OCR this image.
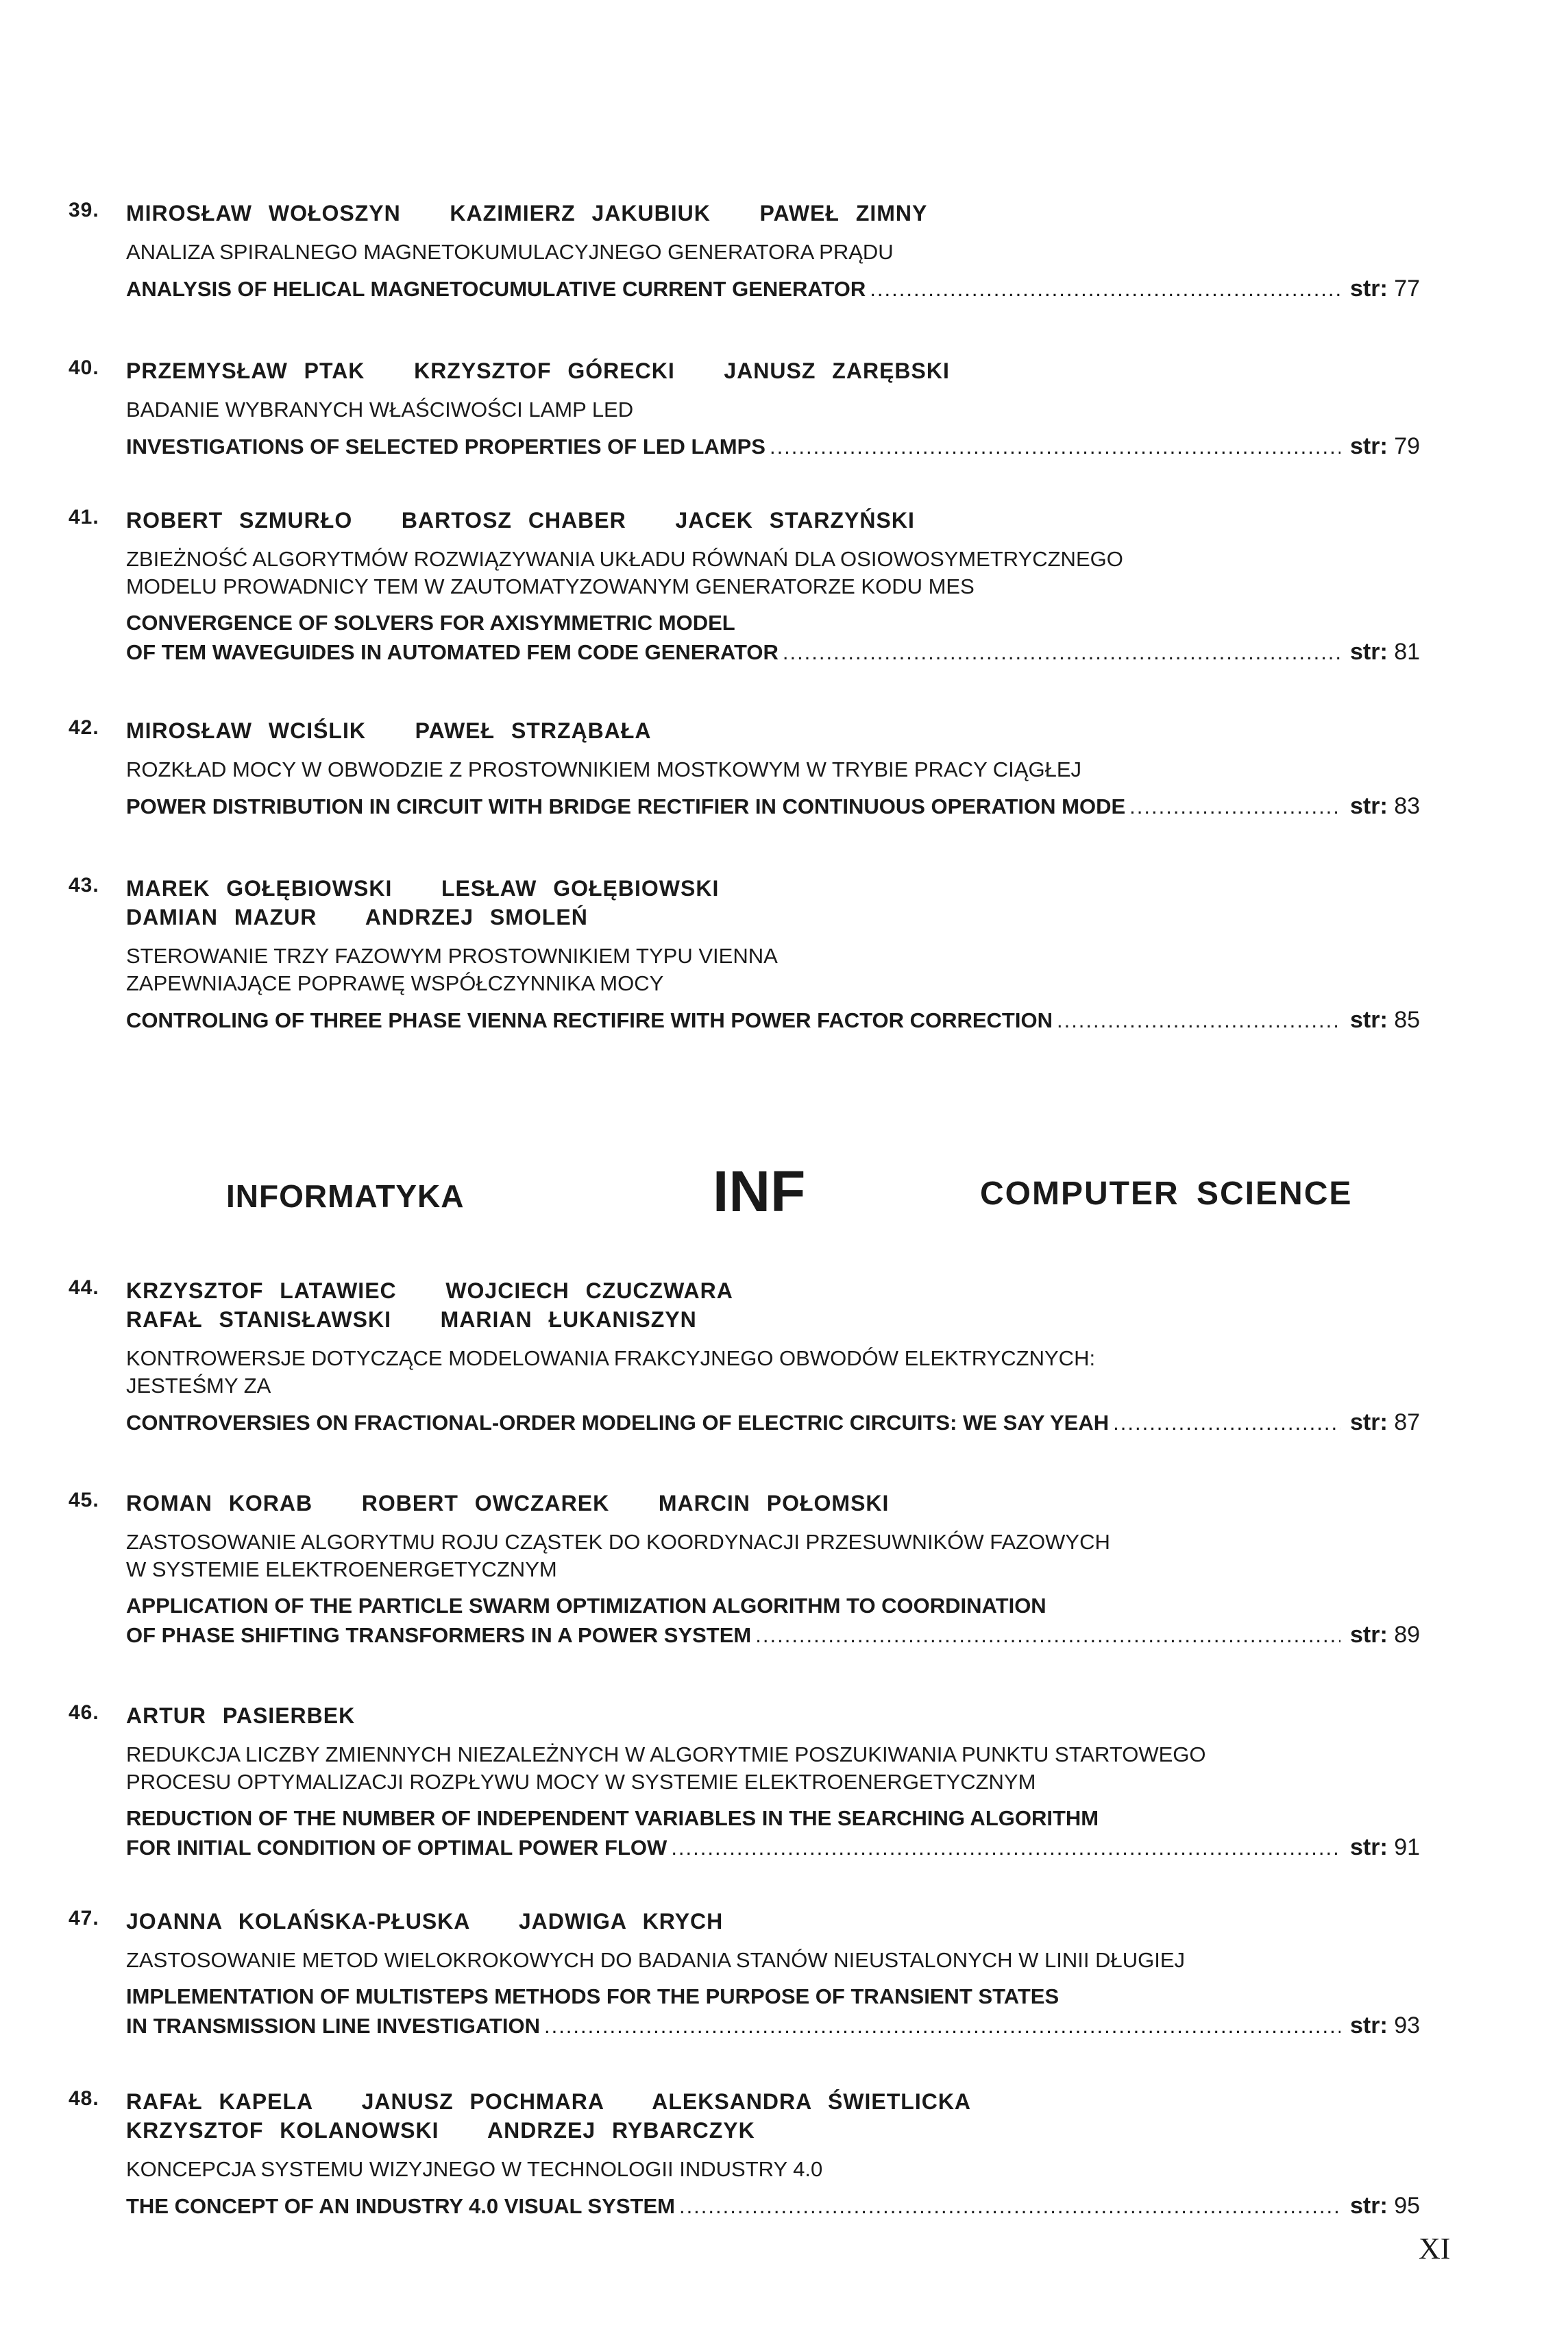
39. MIROSŁAW WOŁOSZYN   KAZIMIERZ JAKUBIUK   PAWEŁ ZIMNY
ANALIZA SPIRALNEGO MAGNETOKUMULACYJNEGO GENERATORA PRĄDU
ANALYSIS OF HELICAL MAGNETOCUMULATIVE CURRENT GENERATOR .....	str: 77
40. PRZEMYSŁAW PTAK   KRZYSZTOF GÓRECKI   JANUSZ ZARĘBSKI
BADANIE WYBRANYCH WŁAŚCIWOŚCI LAMP LED
INVESTIGATIONS OF SELECTED PROPERTIES OF LED LAMPS .....	str: 79
41. ROBERT SZMURŁO   BARTOSZ CHABER   JACEK STARZYŃSKI
ZBIEŻNOŚĆ ALGORYTMÓW ROZWIĄZYWANIA UKŁADU RÓWNAŃ DLA OSIOWOSYMETRYCZNEGO
MODELU PROWADNICY TEM W ZAUTOMATYZOWANYM GENERATORZE KODU MES
CONVERGENCE OF SOLVERS FOR AXISYMMETRIC MODEL
OF TEM WAVEGUIDES IN AUTOMATED FEM CODE GENERATOR .....	str: 81
42. MIROSŁAW WCIŚLIK   PAWEŁ STRZĄBAŁA
ROZKŁAD MOCY W OBWODZIE Z PROSTOWNIKIEM MOSTKOWYM W TRYBIE PRACY CIĄGŁEJ
POWER DISTRIBUTION IN CIRCUIT WITH BRIDGE RECTIFIER IN CONTINUOUS OPERATION MODE .....	str: 83
43. MAREK GOŁĘBIOWSKI   LESŁAW GOŁĘBIOWSKI
DAMIAN MAZUR   ANDRZEJ SMOLEŃ
STEROWANIE TRZY FAZOWYM PROSTOWNIKIEM TYPU VIENNA
ZAPEWNIAJĄCE POPRAWĘ WSPÓŁCZYNNIKA MOCY
CONTROLING OF THREE PHASE VIENNA RECTIFIRE WITH POWER FACTOR CORRECTION .....	str: 85
INFORMATYKA	INF	COMPUTER SCIENCE
44. KRZYSZTOF LATAWIEC   WOJCIECH CZUCZWARA
RAFAŁ STANISŁAWSKI   MARIAN ŁUKANISZYN
KONTROWERSJE DOTYCZĄCE MODELOWANIA FRAKCYJNEGO OBWODÓW ELEKTRYCZNYCH:
JESTEŚMY ZA
CONTROVERSIES ON FRACTIONAL-ORDER MODELING OF ELECTRIC CIRCUITS: WE SAY YEAH .....	str: 87
45. ROMAN KORAB   ROBERT OWCZAREK   MARCIN POŁOMSKI
ZASTOSOWANIE ALGORYTMU ROJU CZĄSTEK DO KOORDYNACJI PRZESUWNIKÓW FAZOWYCH
W SYSTEMIE ELEKTROENERGETYCZNYM
APPLICATION OF THE PARTICLE SWARM OPTIMIZATION ALGORITHM TO COORDINATION
OF PHASE SHIFTING TRANSFORMERS IN A POWER SYSTEM .....	str: 89
46. ARTUR PASIERBEK
REDUKCJA LICZBY ZMIENNYCH NIEZALEŻNYCH W ALGORYTMIE POSZUKIWANIA PUNKTU STARTOWEGO
PROCESU OPTYMALIZACJI ROZPŁYWU MOCY W SYSTEMIE ELEKTROENERGETYCZNYM
REDUCTION OF THE NUMBER OF INDEPENDENT VARIABLES IN THE SEARCHING ALGORITHM
FOR INITIAL CONDITION OF OPTIMAL POWER FLOW .....	str: 91
47. JOANNA KOLAŃSKA-PŁUSKA   JADWIGA KRYCH
ZASTOSOWANIE METOD WIELOKROKOWYCH DO BADANIA STANÓW NIEUSTALONYCH W LINII DŁUGIEJ
IMPLEMENTATION OF MULTISTEPS METHODS FOR THE PURPOSE OF TRANSIENT STATES
IN TRANSMISSION LINE INVESTIGATION .....	str: 93
48. RAFAŁ KAPELA   JANUSZ POCHMARA   ALEKSANDRA ŚWIETLICKA
KRZYSZTOF KOLANOWSKI   ANDRZEJ RYBARCZYK
KONCEPCJA SYSTEMU WIZYJNEGO W TECHNOLOGII INDUSTRY 4.0
THE CONCEPT OF AN INDUSTRY 4.0 VISUAL SYSTEM .....	str: 95
XI
